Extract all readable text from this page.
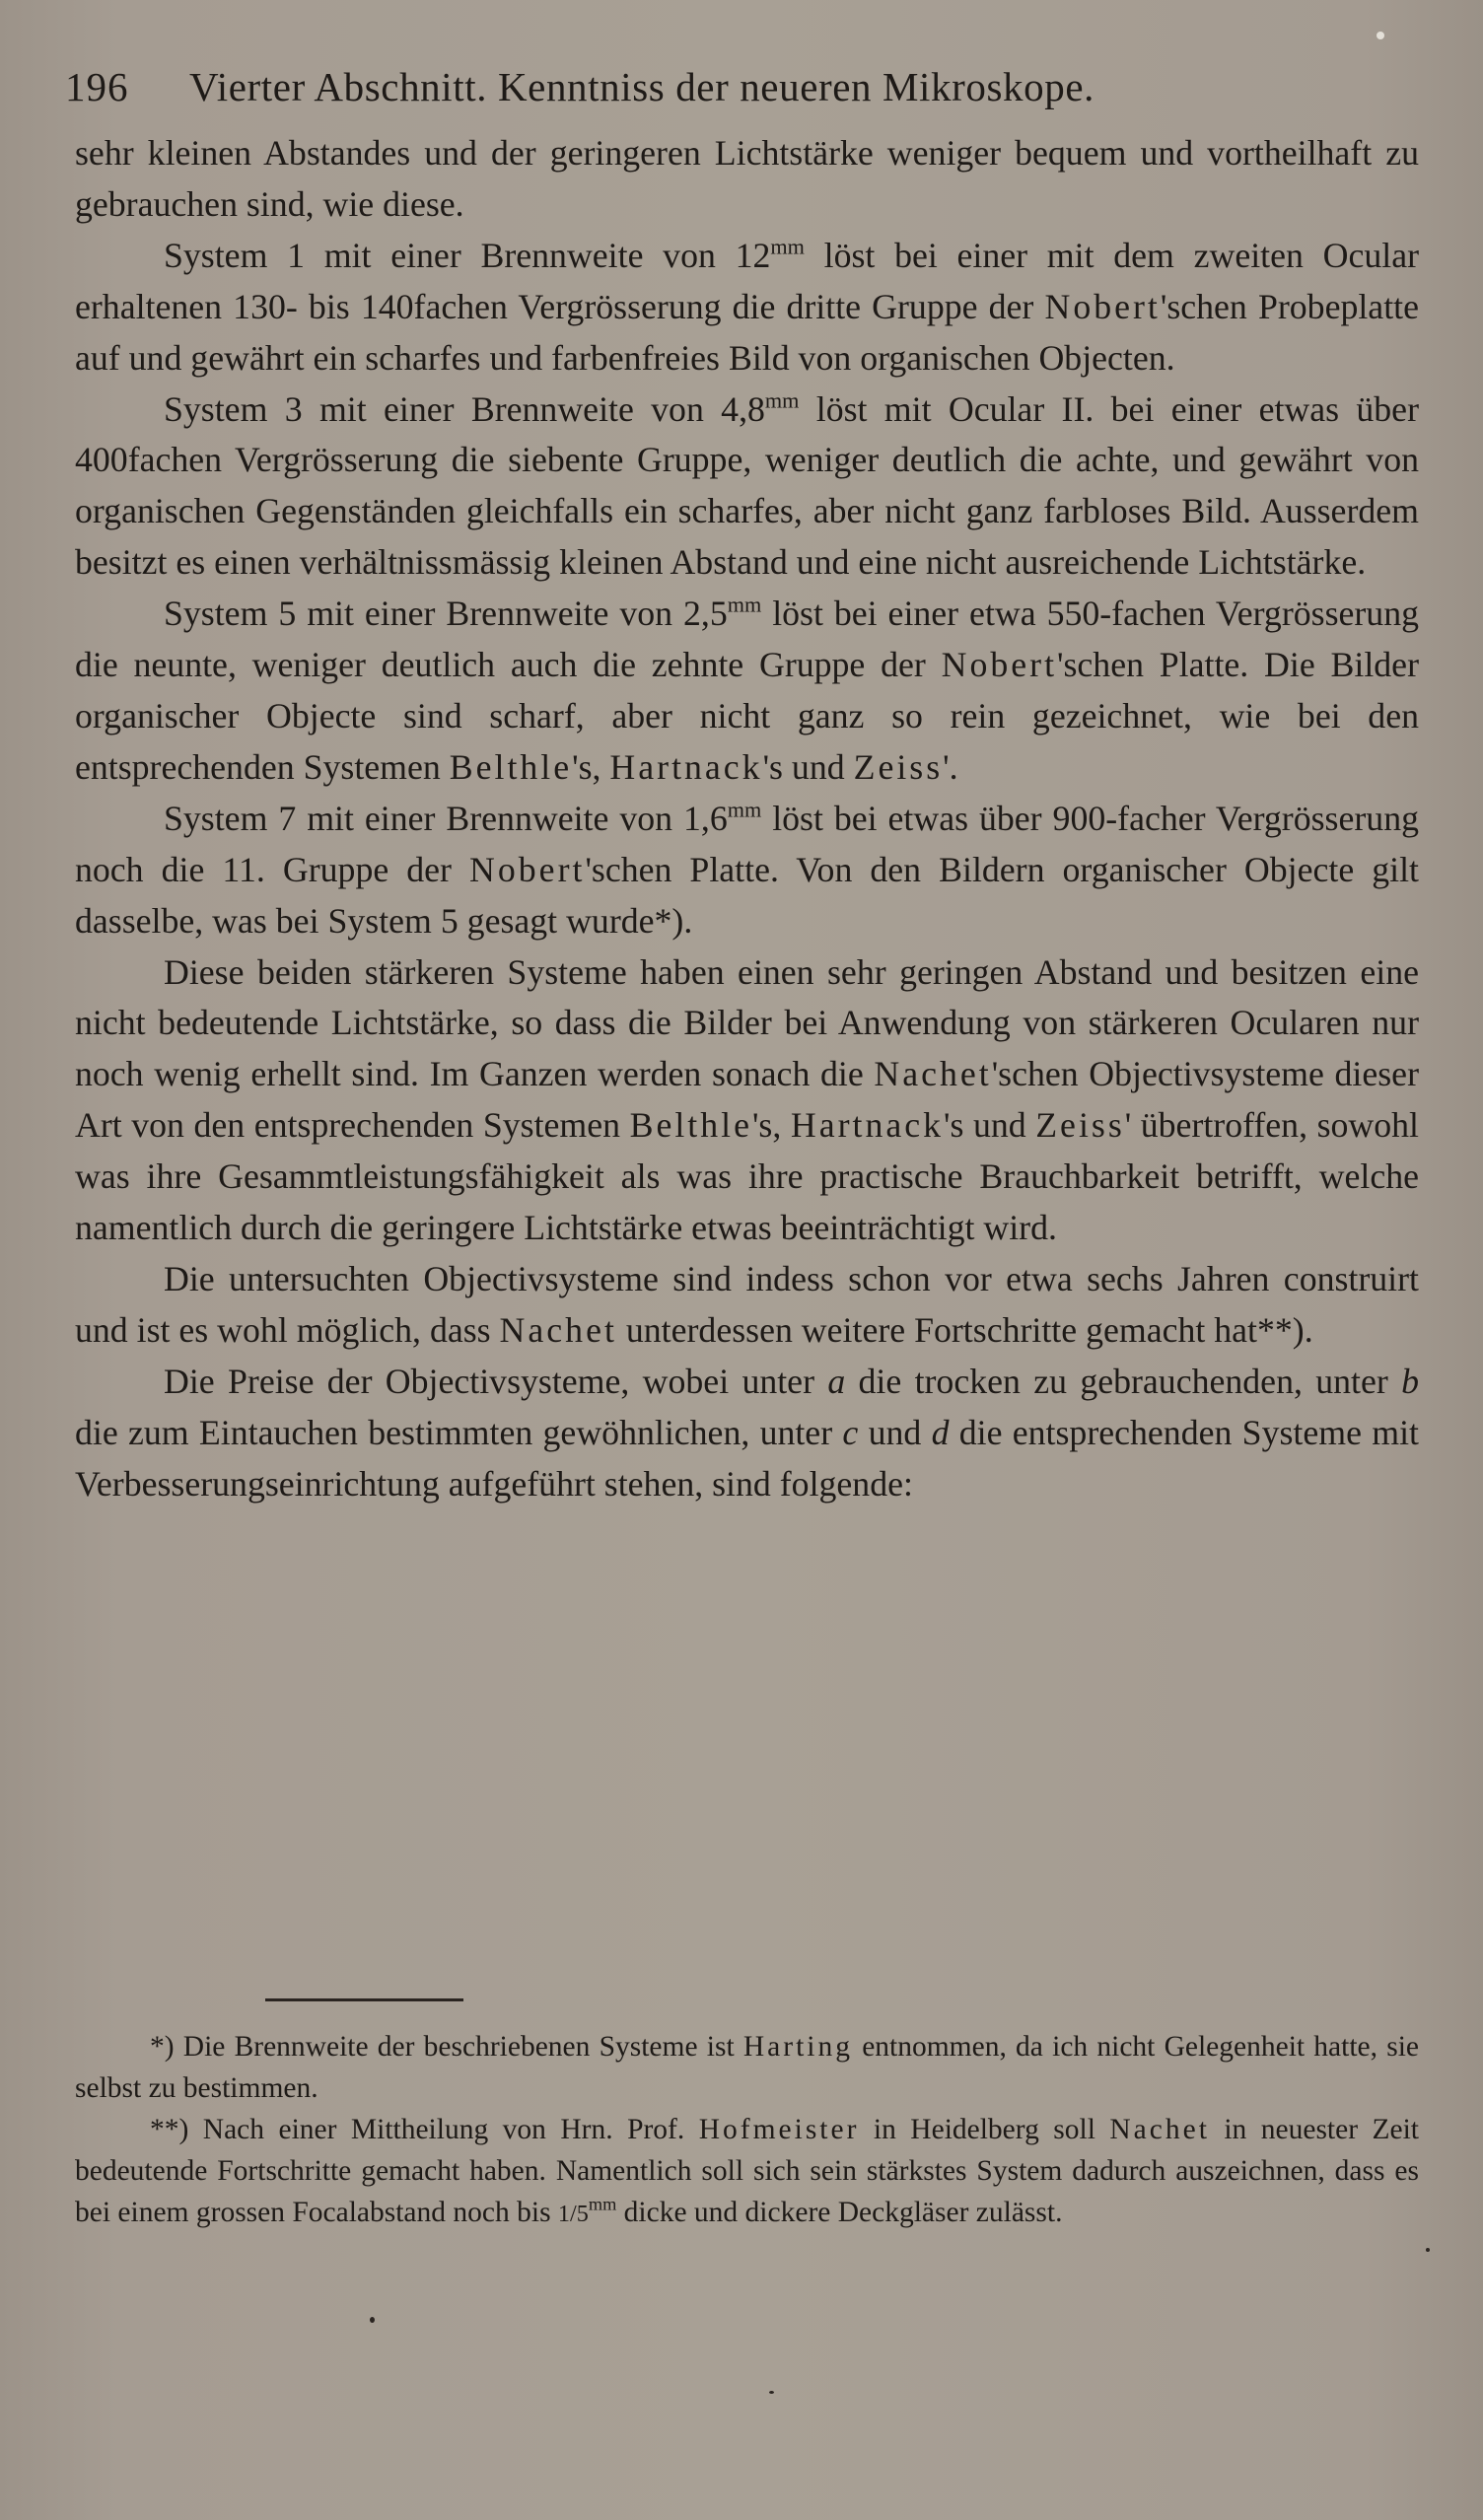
196 Vierter Abschnitt. Kenntniss der neueren Mikroskope.

sehr kleinen Abstandes und der geringeren Lichtstärke weniger bequem und vortheilhaft zu gebrauchen sind, wie diese.

System 1 mit einer Brennweite von $12^{mm}$ löst bei einer mit dem zweiten Ocular erhaltenen 130- bis 140fachen Vergrösserung die dritte Gruppe der Nobert'schen Probeplatte auf und gewährt ein scharfes und farbenfreies Bild von organischen Objecten.

System 3 mit einer Brennweite von $4,8^{mm}$ löst mit Ocular II. bei einer etwas über 400fachen Vergrösserung die siebente Gruppe, weniger deutlich die achte, und gewährt von organischen Gegenständen gleichfalls ein scharfes, aber nicht ganz farbloses Bild. Ausserdem besitzt es einen verhältnissmässig kleinen Abstand und eine nicht ausreichende Lichtstärke.

System 5 mit einer Brennweite von $2,5^{mm}$ löst bei einer etwa 550-fachen Vergrösserung die neunte, weniger deutlich auch die zehnte Gruppe der Nobert'schen Platte. Die Bilder organischer Objecte sind scharf, aber nicht ganz so rein gezeichnet, wie bei den entsprechenden Systemen Belthle's, Hartnack's und Zeiss'.

System 7 mit einer Brennweite von $1,6^{mm}$ löst bei etwas über 900-facher Vergrösserung noch die 11. Gruppe der Nobert'schen Platte. Von den Bildern organischer Objecte gilt dasselbe, was bei System 5 gesagt wurde*).

Diese beiden stärkeren Systeme haben einen sehr geringen Abstand und besitzen eine nicht bedeutende Lichtstärke, so dass die Bilder bei Anwendung von stärkeren Ocularen nur noch wenig erhellt sind. Im Ganzen werden sonach die Nachet'schen Objectivsysteme dieser Art von den entsprechenden Systemen Belthle's, Hartnack's und Zeiss' übertroffen, sowohl was ihre Gesammtleistungsfähigkeit als was ihre practische Brauchbarkeit betrifft, welche namentlich durch die geringere Lichtstärke etwas beeinträchtigt wird.

Die untersuchten Objectivsysteme sind indess schon vor etwa sechs Jahren construirt und ist es wohl möglich, dass Nachet unterdessen weitere Fortschritte gemacht hat**).

Die Preise der Objectivsysteme, wobei unter a die trocken zu gebrauchenden, unter b die zum Eintauchen bestimmten gewöhnlichen, unter c und d die entsprechenden Systeme mit Verbesserungseinrichtung aufgeführt stehen, sind folgende:

*) Die Brennweite der beschriebenen Systeme ist Harting entnommen, da ich nicht Gelegenheit hatte, sie selbst zu bestimmen.

**) Nach einer Mittheilung von Hrn. Prof. Hofmeister in Heidelberg soll Nachet in neuester Zeit bedeutende Fortschritte gemacht haben. Namentlich soll sich sein stärkstes System dadurch auszeichnen, dass es bei einem grossen Focalabstand noch bis $1/5^{mm}$ dicke und dickere Deckgläser zulässt.
